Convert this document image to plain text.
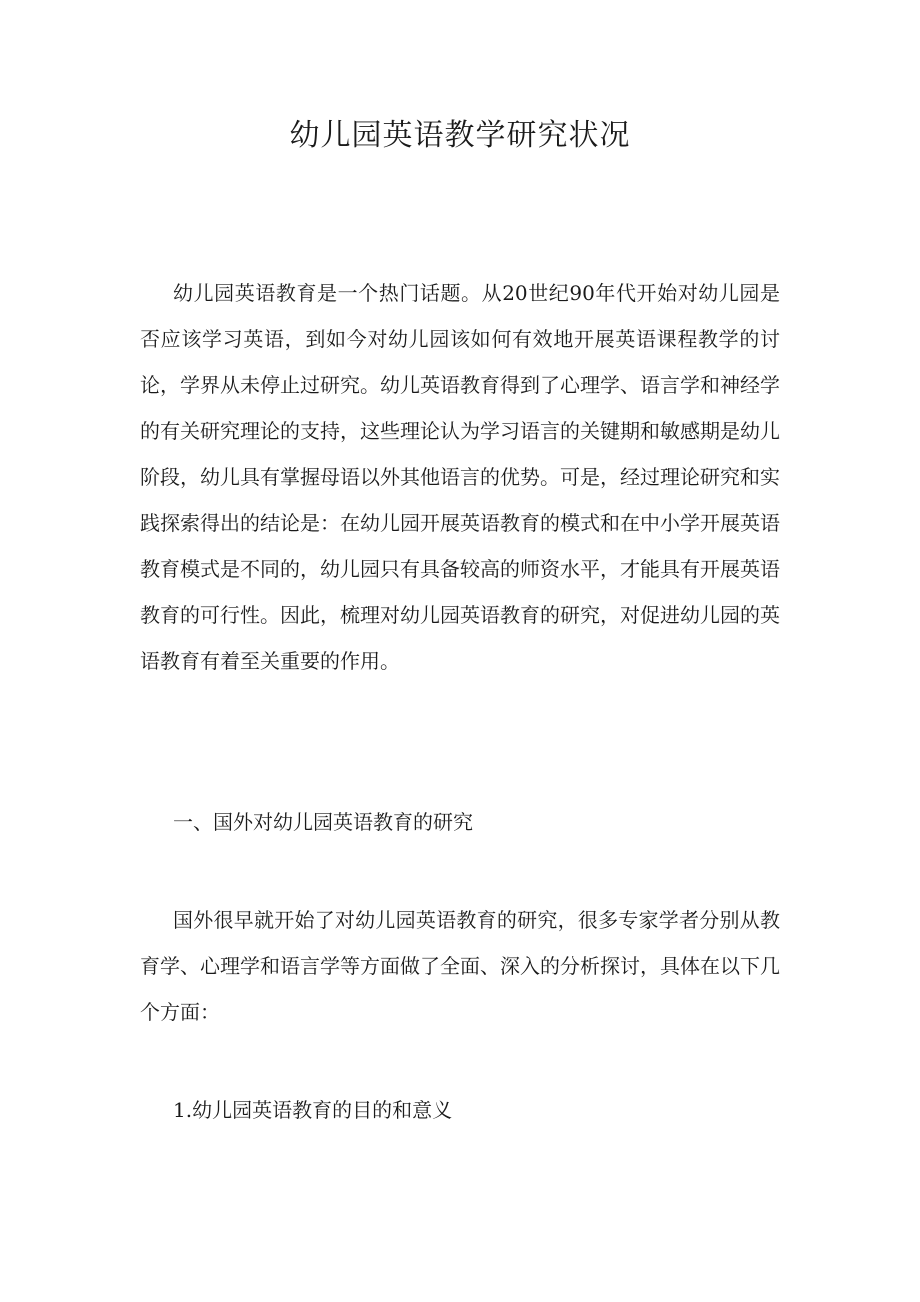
幼儿园英语教学研究状况

幼儿园英语教育是一个热门话题。从20世纪90年代开始对幼儿园是否应该学习英语，到如今对幼儿园该如何有效地开展英语课程教学的讨论，学界从未停止过研究。幼儿英语教育得到了心理学、语言学和神经学的有关研究理论的支持，这些理论认为学习语言的关键期和敏感期是幼儿阶段，幼儿具有掌握母语以外其他语言的优势。可是，经过理论研究和实践探索得出的结论是：在幼儿园开展英语教育的模式和在中小学开展英语教育模式是不同的，幼儿园只有具备较高的师资水平，才能具有开展英语教育的可行性。因此，梳理对幼儿园英语教育的研究，对促进幼儿园的英语教育有着至关重要的作用。

一、国外对幼儿园英语教育的研究

国外很早就开始了对幼儿园英语教育的研究，很多专家学者分别从教育学、心理学和语言学等方面做了全面、深入的分析探讨，具体在以下几个方面：

1.幼儿园英语教育的目的和意义
